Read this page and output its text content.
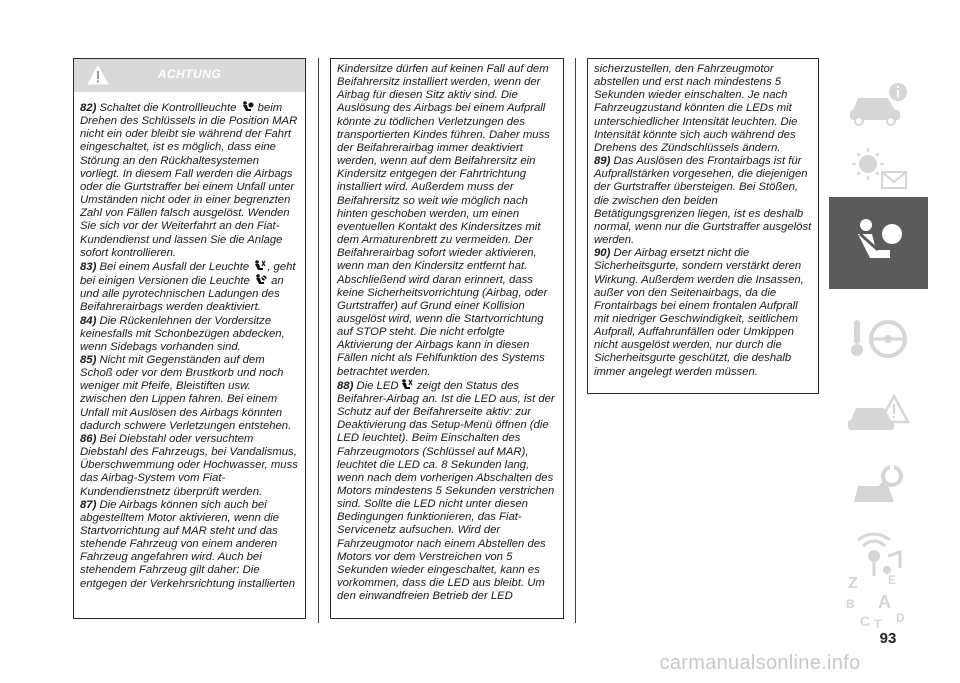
ACHTUNG

82) Schaltet die Kontrollleuchte beim Drehen des Schlüssels in die Position MAR nicht ein oder bleibt sie während der Fahrt eingeschaltet, ist es möglich, dass eine Störung an den Rückhaltesystemen vorliegt. In diesem Fall werden die Airbags oder die Gurtstraffer bei einem Unfall unter Umständen nicht oder in einer begrenzten Zahl von Fällen falsch ausgelöst. Wenden Sie sich vor der Weiterfahrt an den Fiat-Kundendienst und lassen Sie die Anlage sofort kontrollieren.

83) Bei einem Ausfall der Leuchte , geht bei einigen Versionen die Leuchte an und alle pyrotechnischen Ladungen des Beifahrerairbags werden deaktiviert.

84) Die Rückenlehnen der Vordersitze keinesfalls mit Schonbezügen abdecken, wenn Sidebags vorhanden sind.

85) Nicht mit Gegenständen auf dem Schoß oder vor dem Brustkorb und noch weniger mit Pfeife, Bleistiften usw. zwischen den Lippen fahren. Bei einem Unfall mit Auslösen des Airbags könnten dadurch schwere Verletzungen entstehen.

86) Bei Diebstahl oder versuchtem Diebstahl des Fahrzeugs, bei Vandalismus, Überschwemmung oder Hochwasser, muss das Airbag-System vom Fiat-Kundendienstnetz überprüft werden.

87) Die Airbags können sich auch bei abgestelltem Motor aktivieren, wenn die Startvorrichtung auf MAR steht und das stehende Fahrzeug von einem anderen Fahrzeug angefahren wird. Auch bei stehendem Fahrzeug gilt daher: Die entgegen der Verkehrsrichtung installierten

Kindersitze dürfen auf keinen Fall auf dem Beifahrersitz installiert werden, wenn der Airbag für diesen Sitz aktiv sind. Die Auslösung des Airbags bei einem Aufprall könnte zu tödlichen Verletzungen des transportierten Kindes führen. Daher muss der Beifahrerairbag immer deaktiviert werden, wenn auf dem Beifahrersitz ein Kindersitz entgegen der Fahrtrichtung installiert wird. Außerdem muss der Beifahrersitz so weit wie möglich nach hinten geschoben werden, um einen eventuellen Kontakt des Kindersitzes mit dem Armaturenbrett zu vermeiden. Der Beifahrerairbag sofort wieder aktivieren, wenn man den Kindersitz entfernt hat. Abschließend wird daran erinnert, dass keine Sicherheitsvorrichtung (Airbag, oder Gurtstraffer) auf Grund einer Kollision ausgelöst wird, wenn die Startvorrichtung auf STOP steht. Die nicht erfolgte Aktivierung der Airbags kann in diesen Fällen nicht als Fehlfunktion des Systems betrachtet werden.

88) Die LED zeigt den Status des Beifahrer-Airbag an. Ist die LED aus, ist der Schutz auf der Beifahrerseite aktiv: zur Deaktivierung das Setup-Menü öffnen (die LED leuchtet). Beim Einschalten des Fahrzeugmotors (Schlüssel auf MAR), leuchtet die LED ca. 8 Sekunden lang, wenn nach dem vorherigen Abschalten des Motors mindestens 5 Sekunden verstrichen sind. Sollte die LED nicht unter diesen Bedingungen funktionieren, das Fiat-Servicenetz aufsuchen. Wird der Fahrzeugmotor nach einem Abstellen des Motors vor dem Verstreichen von 5 Sekunden wieder eingeschaltet, kann es vorkommen, dass die LED aus bleibt. Um den einwandfreien Betrieb der LED

sicherzustellen, den Fahrzeugmotor abstellen und erst nach mindestens 5 Sekunden wieder einschalten. Je nach Fahrzeugzustand könnten die LEDs mit unterschiedlicher Intensität leuchten. Die Intensität könnte sich auch während des Drehens des Zündschlüssels ändern.

89) Das Auslösen des Frontairbags ist für Aufprallstärken vorgesehen, die diejenigen der Gurtstraffer übersteigen. Bei Stößen, die zwischen den beiden Betätigungsgrenzen liegen, ist es deshalb normal, wenn nur die Gurtstraffer ausgelöst werden.

90) Der Airbag ersetzt nicht die Sicherheitsgurte, sondern verstärkt deren Wirkung. Außerdem werden die Insassen, außer von den Seitenairbags, da die Frontairbags bei einem frontalen Aufprall mit niedriger Geschwindigkeit, seitlichem Aufprall, Auffahrunfällen oder Umkippen nicht ausgelöst werden, nur durch die Sicherheitsgurte geschützt, die deshalb immer angelegt werden müssen.

Z	E
B A
C T D
93
carmanualsonline.info
